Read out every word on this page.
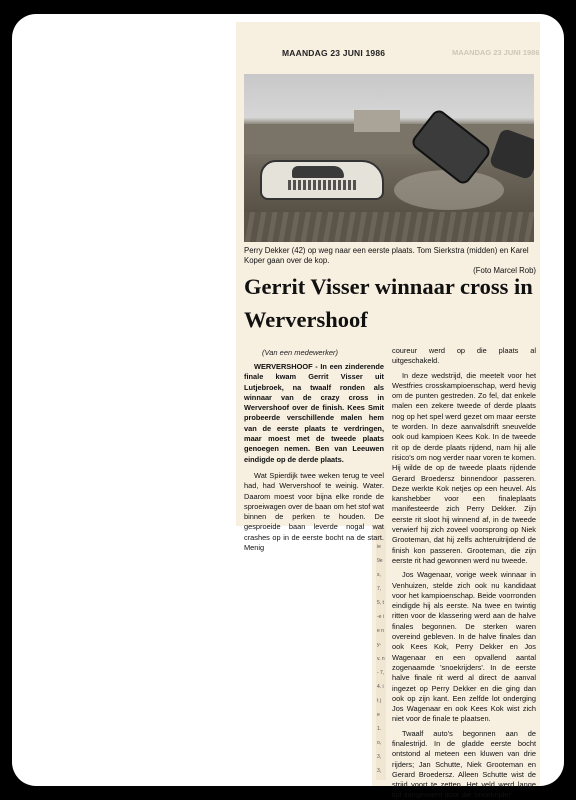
MAANDAG 23 JUNI 1986	MAANDAG 23 JUNI 1986
Perry Dekker (42) op weg naar een eerste plaats. Tom Sierkstra (midden) en Karel Koper gaan over de kop.
(Foto Marcel Rob)
Gerrit Visser winnaar cross in Wervershoof
(Van een medewerker)

WERVERSHOOF - In een zinderende finale kwam Gerrit Visser uit Lutjebroek, na twaalf ronden als winnaar van de crazy cross in Wervershoof over de finish. Kees Smit probeerde verschillende malen hem van de eerste plaats te verdringen, maar moest met de tweede plaats genoegen nemen. Ben van Leeuwen eindigde op de derde plaats.

Wat Spierdijk twee weken terug te veel had, had Wervershoof te weinig. Water. Daarom moest voor bijna elke ronde de sproeiwagen over de baan om het stof wat binnen de perken te houden. De gesproeide baan leverde nogal wat crashes op in de eerste bocht na de start. Menig

coureur werd op die plaats al uitgeschakeld.

In deze wedstrijd, die meetelt voor het Westfries crosskampioenschap, werd hevig om de punten gestreden. Zo fel, dat enkele malen een zekere tweede of derde plaats nog op het spel werd gezet om maar eerste te worden. In deze aanvalsdrift sneuvelde ook oud kampioen Kees Kok. In de tweede rit op de derde plaats rijdend, nam hij alle risico's om nog verder naar voren te komen. Hij wilde de op de tweede plaats rijdende Gerard Broedersz binnendoor passeren. Deze werkte Kok netjes op een heuvel. Als kanshebber voor een finaleplaats manifesteerde zich Perry Dekker. Zijn eerste rit sloot hij winnend af, in de tweede verwierf hij zich zoveel voorsprong op Niek Grooteman, dat hij zelfs achteruitrijdend de finish kon passeren. Grooteman, die zijn eerste rit had gewonnen werd nu tweede.

Jos Wagenaar, vorige week winnaar in Venhuizen, stelde zich ook nu kandidaat voor het kampioenschap. Beide voorronden eindigde hij als eerste. Na twee en twintig ritten voor de klassering werd aan de halve finales begonnen. De sterken waren overeind gebleven. In de halve finales dan ook Kees Kok, Perry Dekker en Jos Wagenaar en een opvallend aantal zogenaamde 'snoekrijders'. In de eerste halve finale rit werd al direct de aanval ingezet op Perry Dekker en die ging dan ook op zijn kant. Een zelfde lot onderging Jos Wagenaar en ook Kees Kok wist zich niet voor de finale te plaatsen.

Twaalf auto's begonnen aan de finalestrijd. In de gladde eerste bocht ontstond al meteen een kluwen van drie rijders; Jan Schutte, Niek Grooteman en Gerard Broedersz. Alleen Schutte wist de strijd voort te zetten. Het veld werd lange tijd aangevoerd door die 'snoekrijder'

ie 9e s, 7, 5, t-e ie n y- v. n- 7, 4. it j e 1. o, 3, 3,
